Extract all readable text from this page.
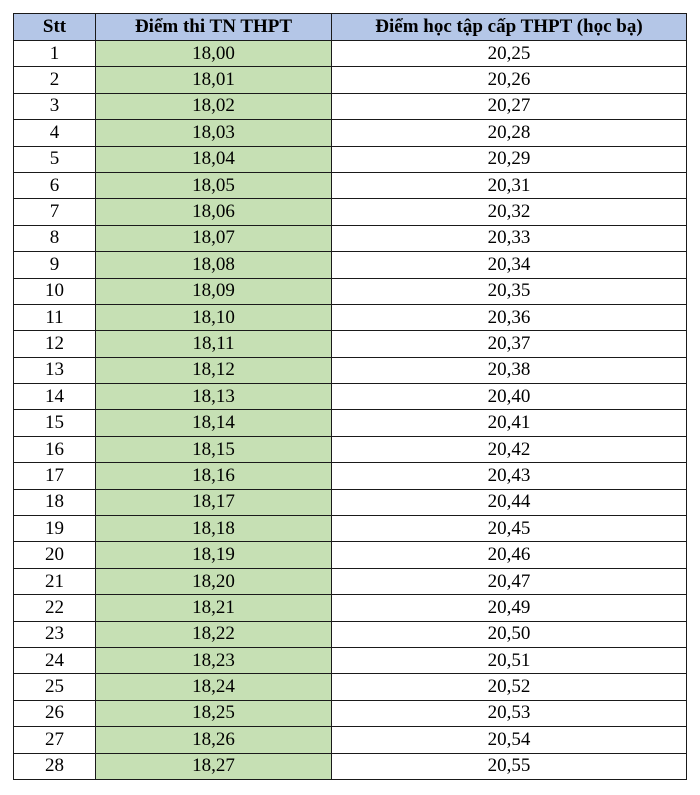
Stt	Điểm thi TN THPT	Điểm học tập cấp THPT (học bạ)
1	18,00	20,25
2	18,01	20,26
3	18,02	20,27
4	18,03	20,28
5	18,04	20,29
6	18,05	20,31
7	18,06	20,32
8	18,07	20,33
9	18,08	20,34
10	18,09	20,35
11	18,10	20,36
12	18,11	20,37
13	18,12	20,38
14	18,13	20,40
15	18,14	20,41
16	18,15	20,42
17	18,16	20,43
18	18,17	20,44
19	18,18	20,45
20	18,19	20,46
21	18,20	20,47
22	18,21	20,49
23	18,22	20,50
24	18,23	20,51
25	18,24	20,52
26	18,25	20,53
27	18,26	20,54
28	18,27	20,55
